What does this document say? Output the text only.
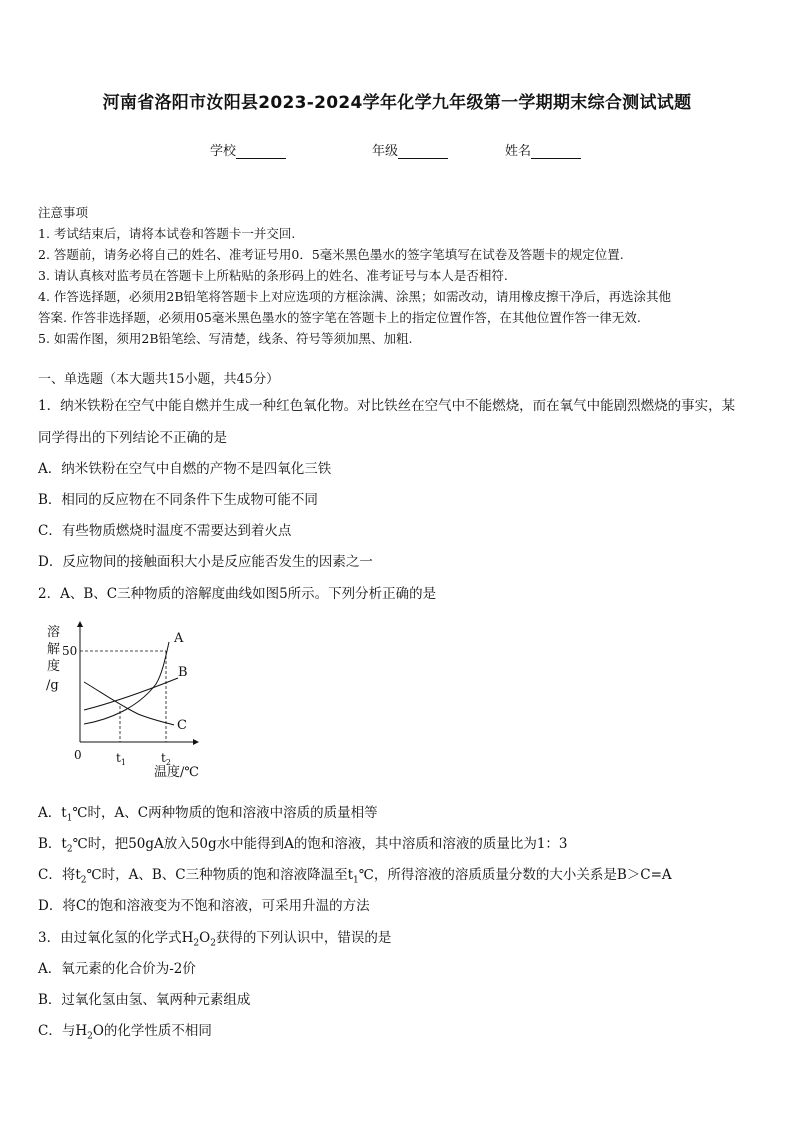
河南省洛阳市汝阳县2023-2024学年化学九年级第一学期期末综合测试试题
学校	年级	姓名
注意事项
1. 考试结束后，请将本试卷和答题卡一并交回.
2. 答题前，请务必将自己的姓名、准考证号用0．5毫米黑色墨水的签字笔填写在试卷及答题卡的规定位置.
3. 请认真核对监考员在答题卡上所粘贴的条形码上的姓名、准考证号与本人是否相符.
4. 作答选择题，必须用2B铅笔将答题卡上对应选项的方框涂满、涂黑；如需改动，请用橡皮擦干净后，再选涂其他
答案. 作答非选择题，必须用05毫米黑色墨水的签字笔在答题卡上的指定位置作答，在其他位置作答一律无效.
5. 如需作图，须用2B铅笔绘、写清楚，线条、符号等须加黑、加粗.
一、单选题（本大题共15小题，共45分）
1．纳米铁粉在空气中能自燃并生成一种红色氧化物。对比铁丝在空气中不能燃烧，而在氧气中能剧烈燃烧的事实，某
同学得出的下列结论不正确的是
A．纳米铁粉在空气中自燃的产物不是四氧化三铁
B．相同的反应物在不同条件下生成物可能不同
C．有些物质燃烧时温度不需要达到着火点
D．反应物间的接触面积大小是反应能否发生的因素之一
2．A、B、C三种物质的溶解度曲线如图5所示。下列分析正确的是
溶
解
度
/g
50
0	$t_1$	$t_2$
温度/℃
A
B
C
A．$t_1℃$时，A、C两种物质的饱和溶液中溶质的质量相等
B．$t_2℃$时，把50gA放入50g水中能得到A的饱和溶液，其中溶质和溶液的质量比为1：3
C．将$t_2℃$时，A、B、C三种物质的饱和溶液降温至$t_1℃$，所得溶液的溶质质量分数的大小关系是B＞C=A
D．将C的饱和溶液变为不饱和溶液，可采用升温的方法
3．由过氧化氢的化学式$H_2O_2$获得的下列认识中，错误的是
A．氧元素的化合价为-2价
B．过氧化氢由氢、氧两种元素组成
C．与$H_2O$的化学性质不相同
